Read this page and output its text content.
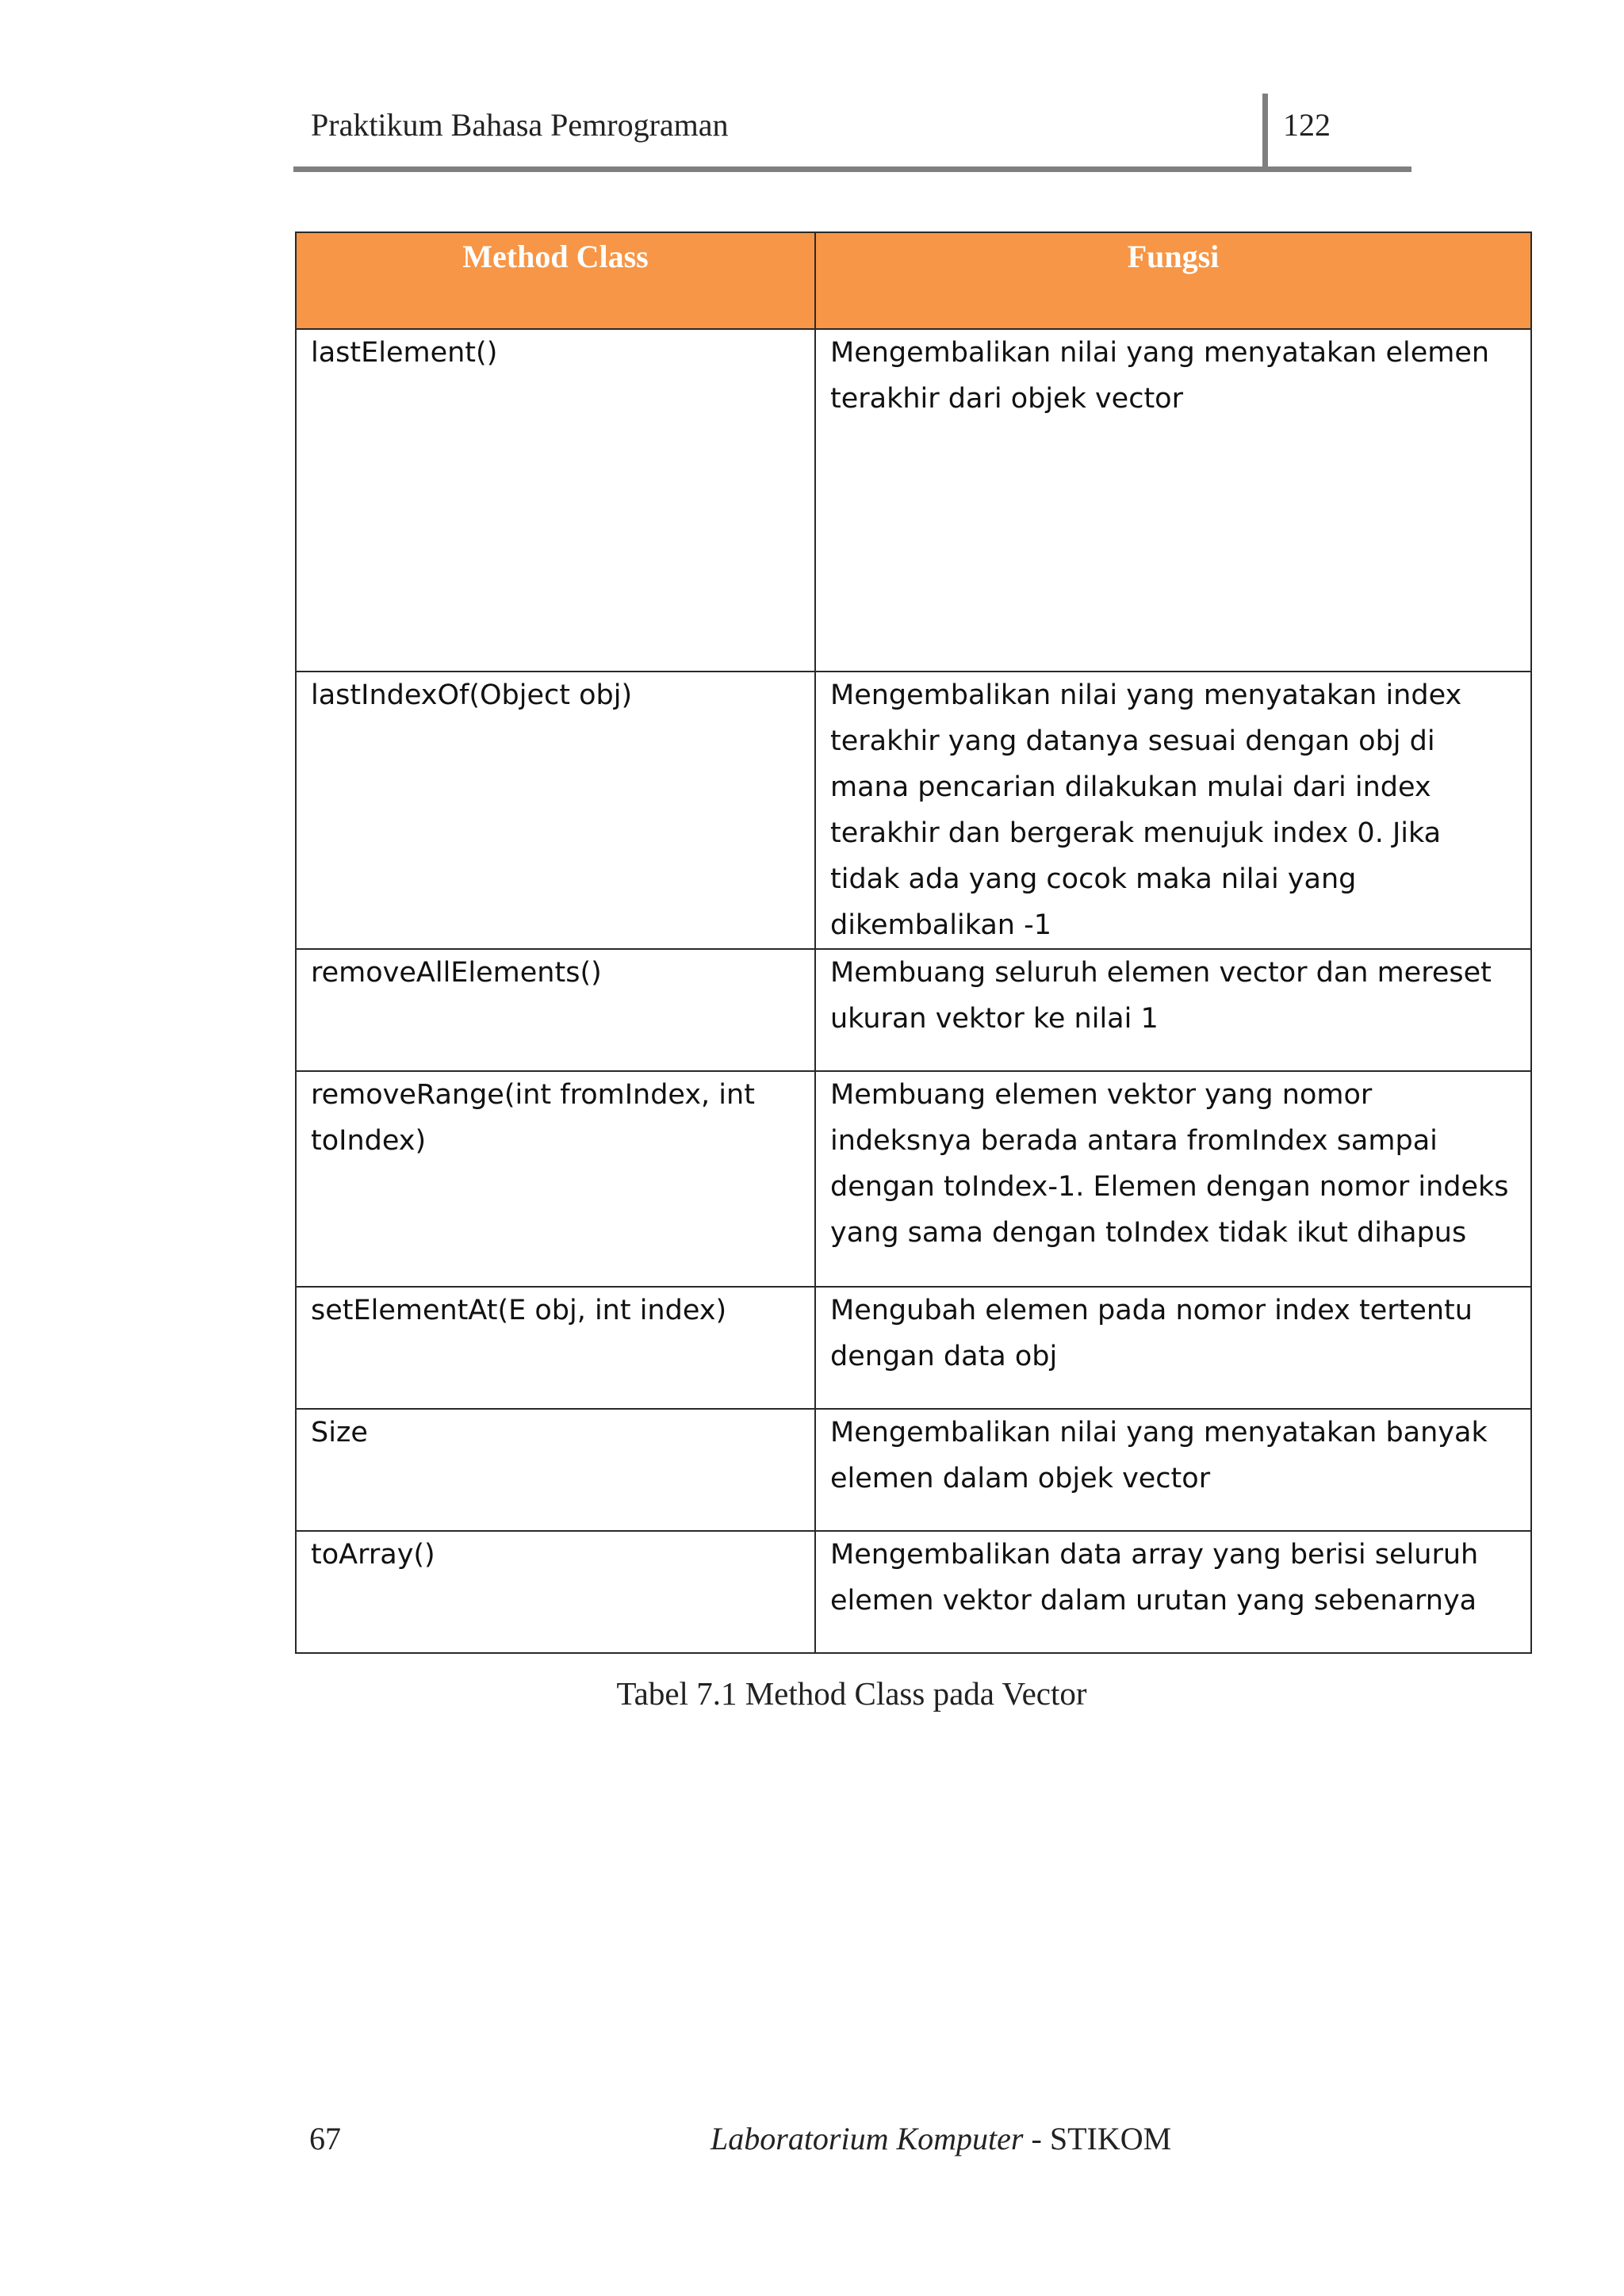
Praktikum Bahasa Pemrograman	122
Method Class	Fungsi
lastElement()	Mengembalikan nilai yang menyatakan elemen terakhir dari objek vector
lastIndexOf(Object obj)	Mengembalikan nilai yang menyatakan index terakhir yang datanya sesuai dengan obj di mana pencarian dilakukan mulai dari index terakhir dan bergerak menujuk index 0. Jika tidak ada yang cocok maka nilai yang dikembalikan -1
removeAllElements()	Membuang seluruh elemen vector dan mereset ukuran vektor ke nilai 1
removeRange(int fromIndex, int toIndex)	Membuang elemen vektor yang nomor indeksnya berada antara fromIndex sampai dengan toIndex-1. Elemen dengan nomor indeks yang sama dengan toIndex tidak ikut dihapus
setElementAt(E obj, int index)	Mengubah elemen pada nomor index tertentu dengan data obj
Size	Mengembalikan nilai yang menyatakan banyak elemen dalam objek vector
toArray()	Mengembalikan data array yang berisi seluruh elemen vektor dalam urutan yang sebenarnya
Tabel 7.1 Method Class pada Vector
67	Laboratorium Komputer - STIKOM
